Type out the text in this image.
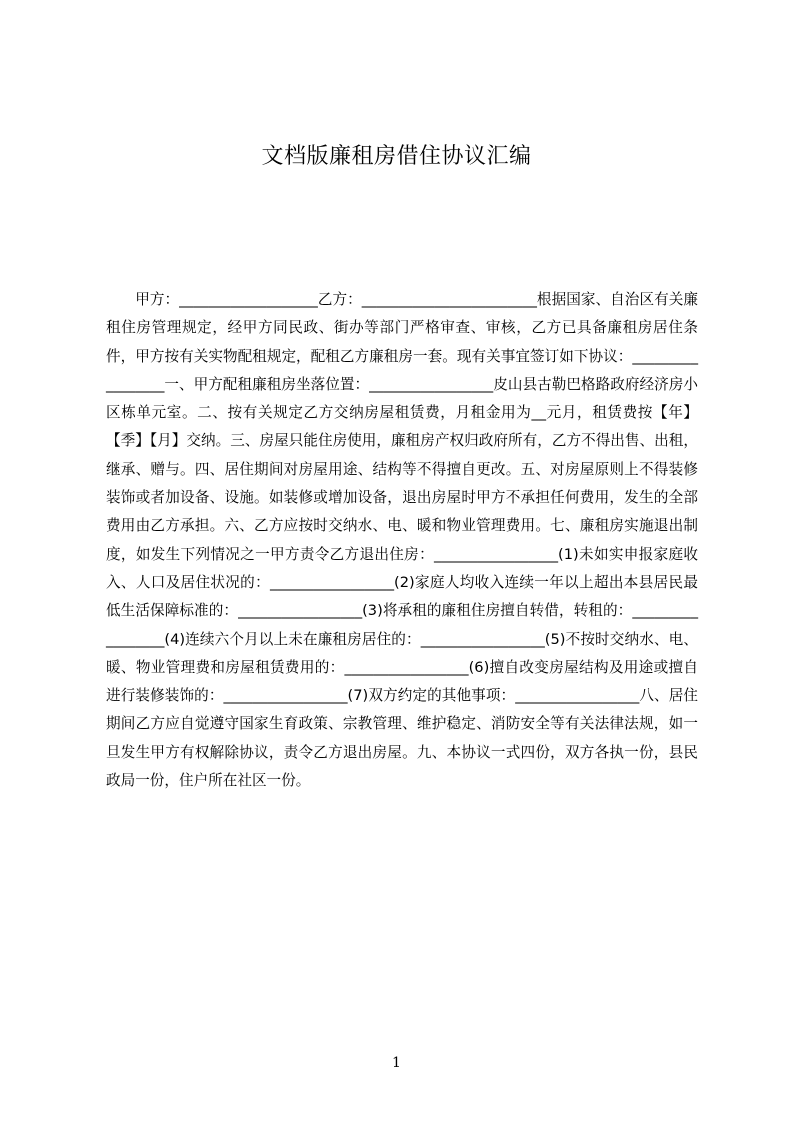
文档版廉租房借住协议汇编

甲方：___________________乙方：________________________根据国家、自治区有关廉租住房管理规定，经甲方同民政、街办等部门严格审查、审核，乙方已具备廉租房居住条件，甲方按有关实物配租规定，配租乙方廉租房一套。现有关事宜签订如下协议：_________________一、甲方配租廉租房坐落位置：_________________皮山县古勒巴格路政府经济房小区栋单元室。二、按有关规定乙方交纳房屋租赁费，月租金用为__元月，租赁费按【年】【季】【月】交纳。三、房屋只能住房使用，廉租房产权归政府所有，乙方不得出售、出租，继承、赠与。四、居住期间对房屋用途、结构等不得擅自更改。五、对房屋原则上不得装修装饰或者加设备、设施。如装修或增加设备，退出房屋时甲方不承担任何费用，发生的全部费用由乙方承担。六、乙方应按时交纳水、电、暖和物业管理费用。七、廉租房实施退出制度，如发生下列情况之一甲方责令乙方退出住房：_________________(1)未如实申报家庭收入、人口及居住状况的：_________________(2)家庭人均收入连续一年以上超出本县居民最低生活保障标准的：_________________(3)将承租的廉租住房擅自转借，转租的：_________________(4)连续六个月以上未在廉租房居住的：_________________(5)不按时交纳水、电、暖、物业管理费和房屋租赁费用的：_________________(6)擅自改变房屋结构及用途或擅自进行装修装饰的：_________________(7)双方约定的其他事项：_________________八、居住期间乙方应自觉遵守国家生育政策、宗教管理、维护稳定、消防安全等有关法律法规，如一旦发生甲方有权解除协议，责令乙方退出房屋。九、本协议一式四份，双方各执一份，县民政局一份，住户所在社区一份。

1
